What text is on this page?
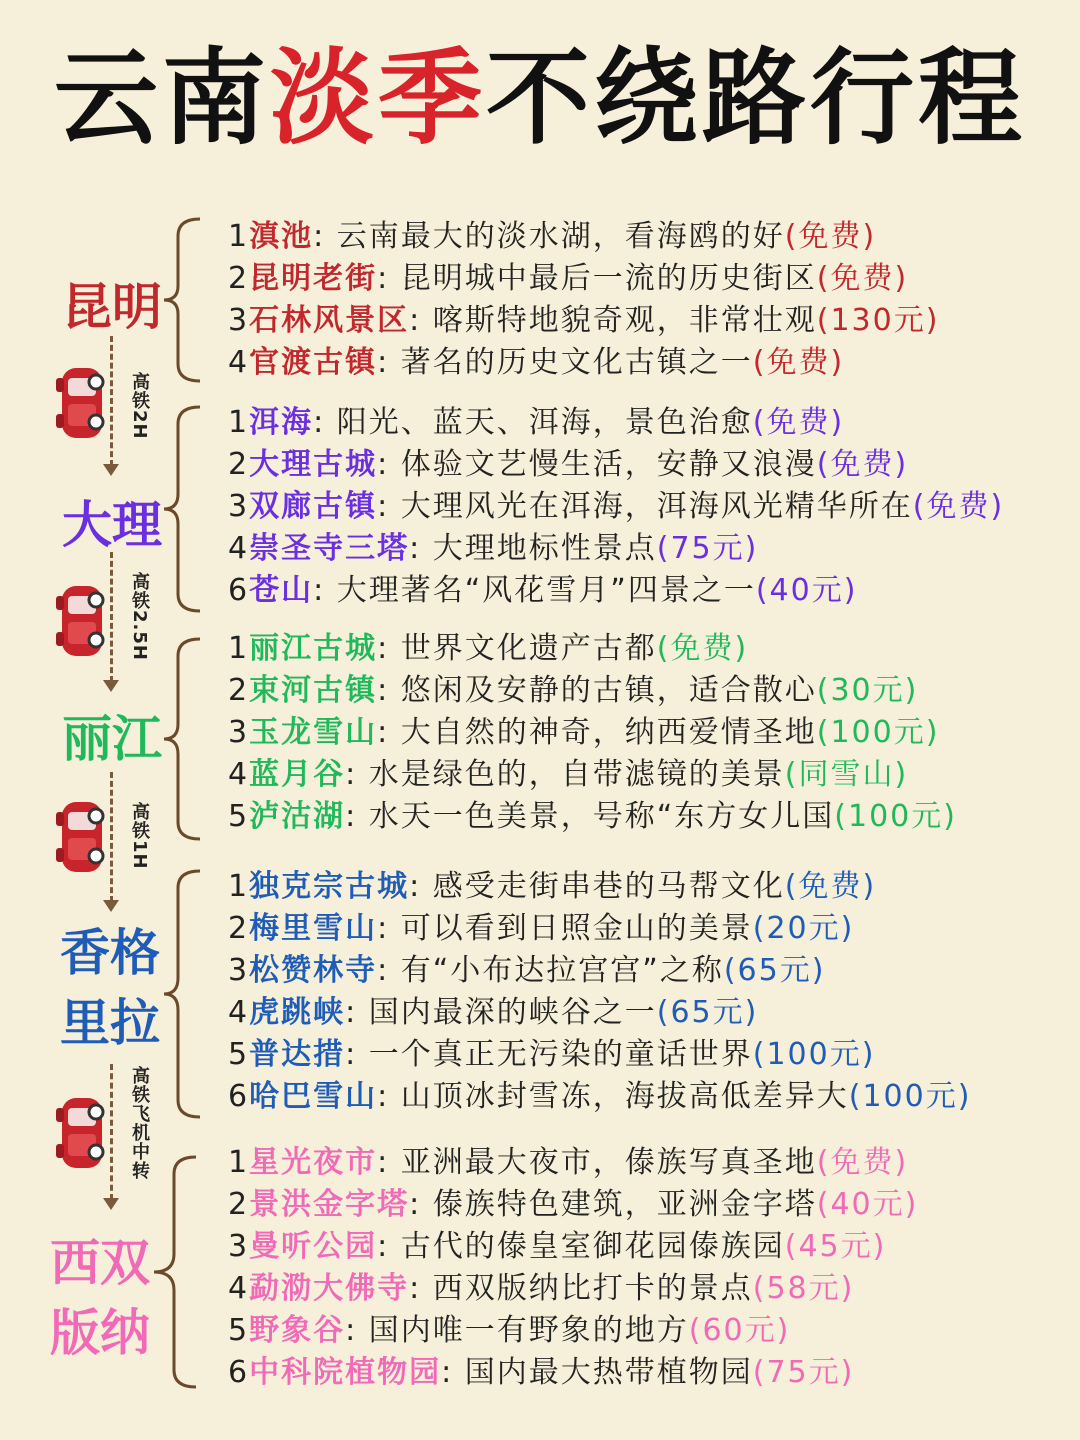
云南淡季不绕路行程
昆明
1滇池: 云南最大的淡水湖，看海鸥的好(免费)
2昆明老街: 昆明城中最后一流的历史街区(免费)
3石林风景区: 喀斯特地貌奇观，非常壮观(130元)
4官渡古镇: 著名的历史文化古镇之一(免费)
高铁2H
大理
1洱海: 阳光、蓝天、洱海，景色治愈(免费)
2大理古城: 体验文艺慢生活，安静又浪漫(免费)
3双廊古镇: 大理风光在洱海，洱海风光精华所在(免费)
4崇圣寺三塔: 大理地标性景点(75元)
6苍山: 大理著名“风花雪月”四景之一(40元)
高铁2.5H
丽江
1丽江古城: 世界文化遗产古都(免费)
2束河古镇: 悠闲及安静的古镇，适合散心(30元)
3玉龙雪山: 大自然的神奇，纳西爱情圣地(100元)
4蓝月谷: 水是绿色的，自带滤镜的美景(同雪山)
5泸沽湖: 水天一色美景，号称“东方女儿国(100元)
高铁1H
香格
里拉
1独克宗古城: 感受走街串巷的马帮文化(免费)
2梅里雪山: 可以看到日照金山的美景(20元)
3松赞林寺: 有“小布达拉宫宫”之称(65元)
4虎跳峡: 国内最深的峡谷之一(65元)
5普达措: 一个真正无污染的童话世界(100元)
6哈巴雪山: 山顶冰封雪冻，海拔高低差异大(100元)
高铁飞机中转
西双
版纳
1星光夜市: 亚洲最大夜市，傣族写真圣地(免费)
2景洪金字塔: 傣族特色建筑，亚洲金字塔(40元)
3曼听公园: 古代的傣皇室御花园傣族园(45元)
4勐泐大佛寺: 西双版纳比打卡的景点(58元)
5野象谷: 国内唯一有野象的地方(60元)
6中科院植物园: 国内最大热带植物园(75元)
